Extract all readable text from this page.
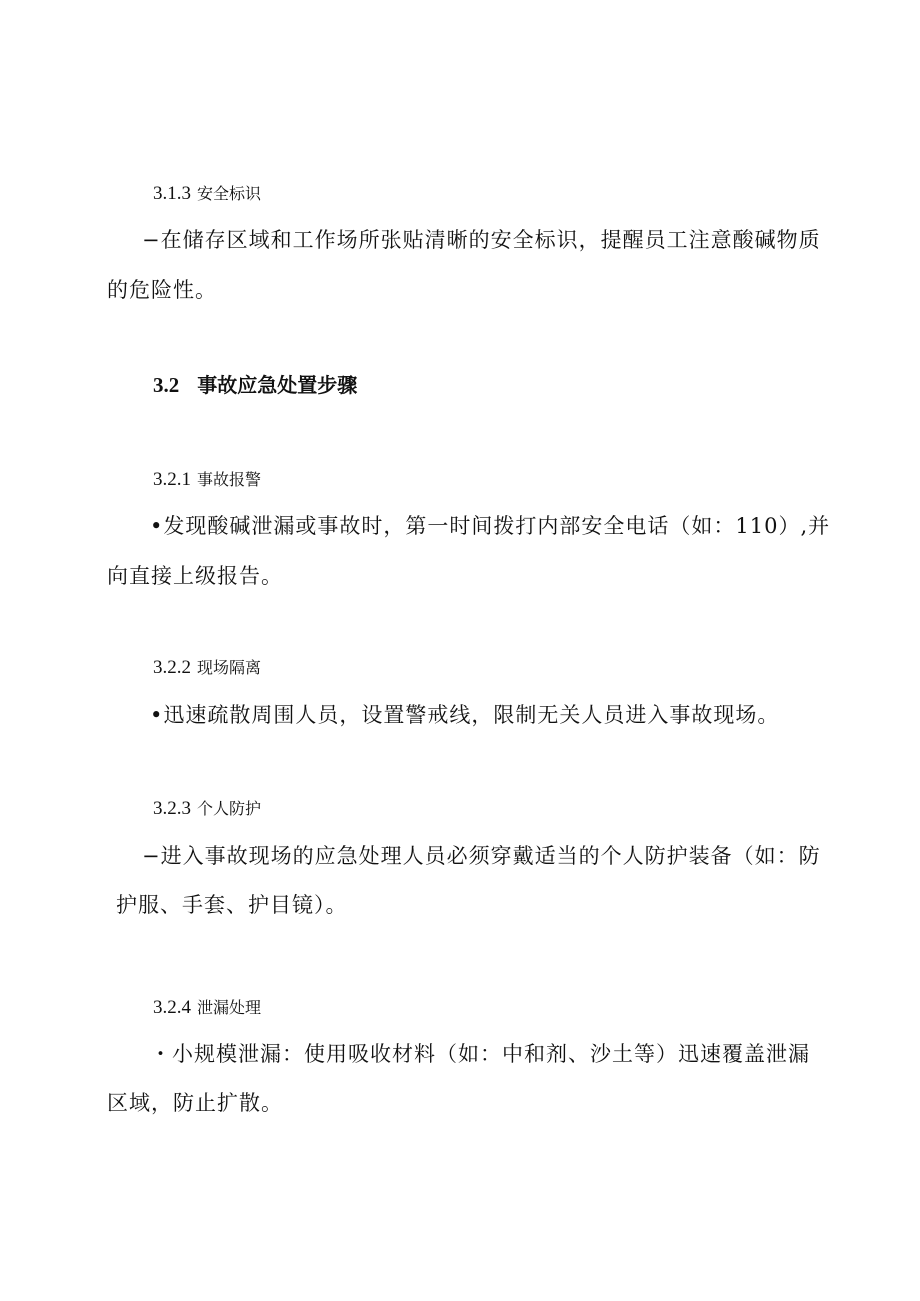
3.1.3 安全标识
−在储存区域和工作场所张贴清晰的安全标识，提醒员工注意酸碱物质
的危险性。
3.2 事故应急处置步骤
3.2.1 事故报警
•发现酸碱泄漏或事故时，第一时间拨打内部安全电话（如：110）,并
向直接上级报告。
3.2.2 现场隔离
•迅速疏散周围人员，设置警戒线，限制无关人员进入事故现场。
3.2.3 个人防护
−进入事故现场的应急处理人员必须穿戴适当的个人防护装备（如：防
护服、手套、护目镜）。
3.2.4 泄漏处理
・小规模泄漏：使用吸收材料（如：中和剂、沙土等）迅速覆盖泄漏
区域，防止扩散。
